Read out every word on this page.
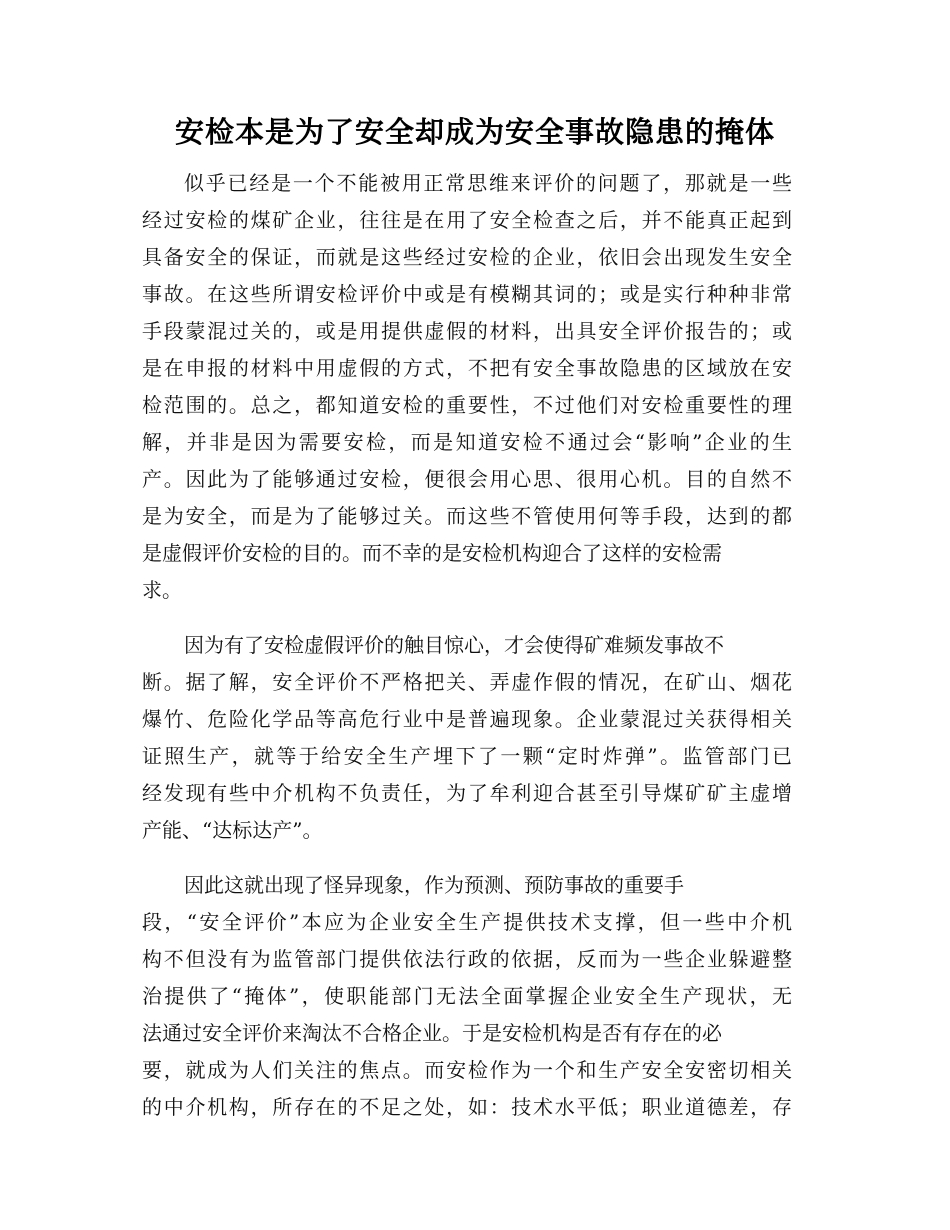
安检本是为了安全却成为安全事故隐患的掩体

似乎已经是一个不能被用正常思维来评价的问题了，那就是一些
经过安检的煤矿企业，往往是在用了安全检查之后，并不能真正起到
具备安全的保证，而就是这些经过安检的企业，依旧会出现发生安全
事故。在这些所谓安检评价中或是有模糊其词的；或是实行种种非常
手段蒙混过关的，或是用提供虚假的材料，出具安全评价报告的；或
是在申报的材料中用虚假的方式，不把有安全事故隐患的区域放在安
检范围的。总之，都知道安检的重要性，不过他们对安检重要性的理
解，并非是因为需要安检，而是知道安检不通过会“影响”企业的生
产。因此为了能够通过安检，便很会用心思、很用心机。目的自然不
是为安全，而是为了能够过关。而这些不管使用何等手段，达到的都
是虚假评价安检的目的。而不幸的是安检机构迎合了这样的安检需
求。

因为有了安检虚假评价的触目惊心，才会使得矿难频发事故不
断。据了解，安全评价不严格把关、弄虚作假的情况，在矿山、烟花
爆竹、危险化学品等高危行业中是普遍现象。企业蒙混过关获得相关
证照生产，就等于给安全生产埋下了一颗“定时炸弹”。监管部门已
经发现有些中介机构不负责任，为了牟利迎合甚至引导煤矿矿主虚增
产能、“达标达产”。

因此这就出现了怪异现象，作为预测、预防事故的重要手
段，“安全评价”本应为企业安全生产提供技术支撑，但一些中介机
构不但没有为监管部门提供依法行政的依据，反而为一些企业躲避整
治提供了“掩体”，使职能部门无法全面掌握企业安全生产现状，无
法通过安全评价来淘汰不合格企业。于是安检机构是否有存在的必
要，就成为人们关注的焦点。而安检作为一个和生产安全安密切相关
的中介机构，所存在的不足之处，如：技术水平低；职业道德差，存
